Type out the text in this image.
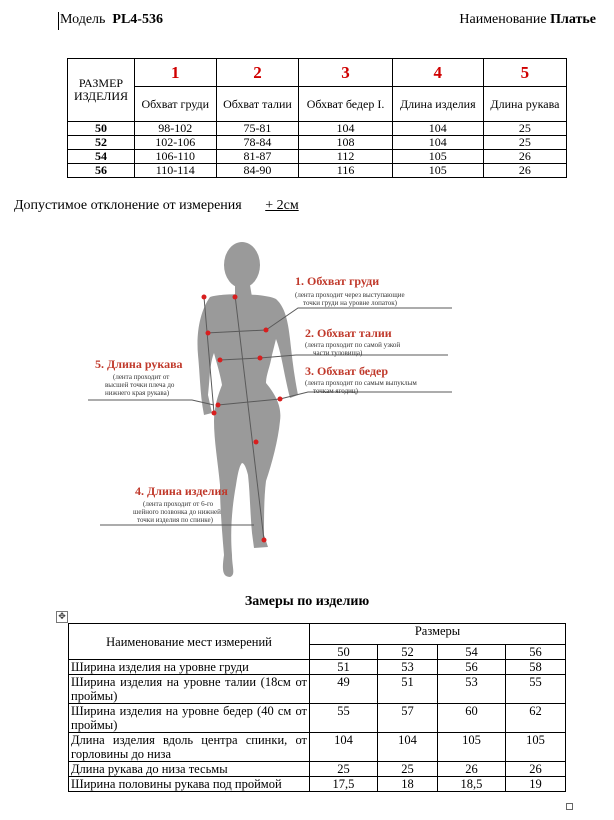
Модель PL4-536	Наименование Платье
РАЗМЕР ИЗДЕЛИЯ	1	2	3	4	5
	Обхват груди	Обхват талии	Обхват бедер I.	Длина изделия	Длина рукава
50	98-102	75-81	104	104	25
52	102-106	78-84	108	104	25
54	106-110	81-87	112	105	26
56	110-114	84-90	116	105	26
Допустимое отклонение от измерения + 2см
1. Обхват груди
(лента проходит через выступающие
точки груди на уровне лопаток)
2. Обхват талии
(лента проходит по самой узкой
части туловища)
3. Обхват бедер
(лента проходит по самым выпуклым
точкам ягодиц)
4. Длина изделия
(лента проходит от 6-го
шейного позвонка до нижней
точки изделия по спинке)
5. Длина рукава
(лента проходит от
высшей точки плеча до
нижнего края рукава)
Замеры по изделию
✥
Наименование мест измерений	Размеры			
	50	52	54	56
Ширина изделия на уровне груди	51	53	56	58
Ширина изделия на уровне талии (18см от проймы)	49	51	53	55
Ширина изделия на уровне бедер (40 см от проймы)	55	57	60	62
Длина изделия вдоль центра спинки, от горловины до низа	104	104	105	105
Длина рукава до низа тесьмы	25	25	26	26
Ширина половины рукава под проймой	17,5	18	18,5	19
